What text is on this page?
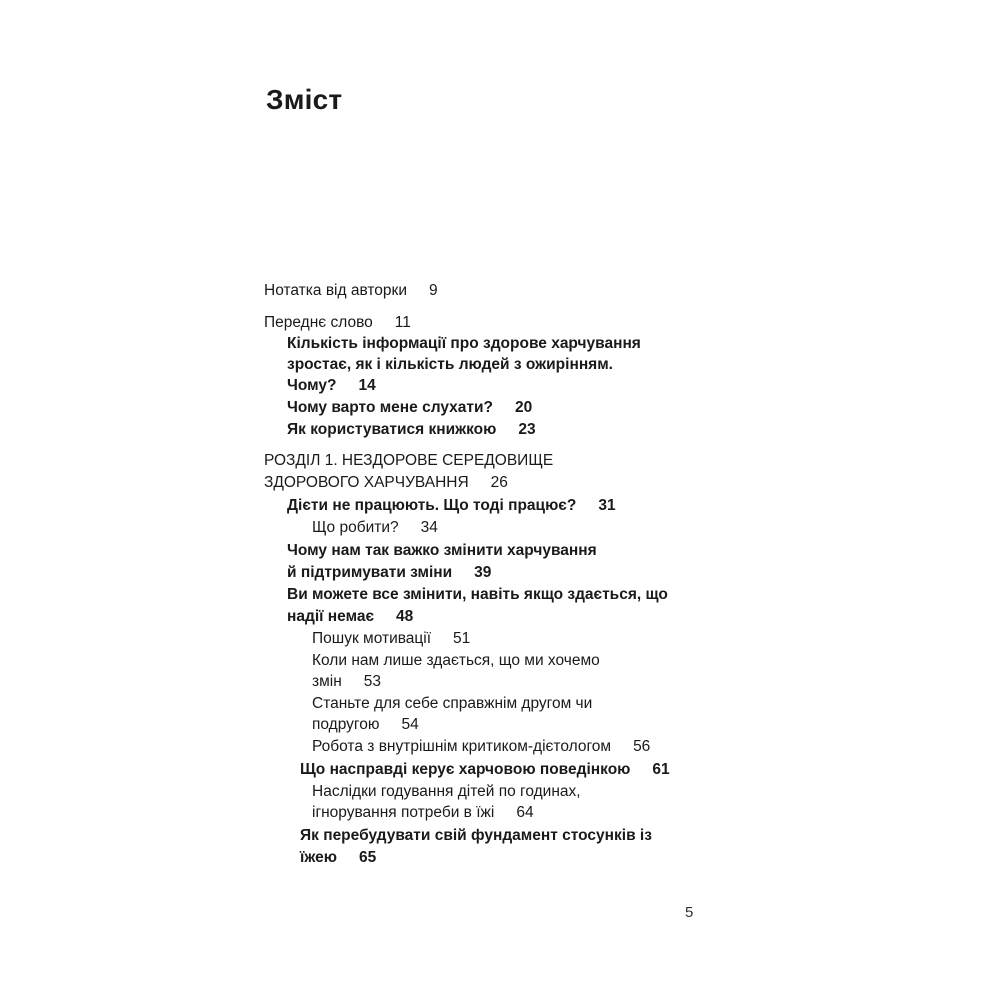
Зміст
Нотатка від авторки 9
Переднє слово 11
Кількість інформації про здорове харчування
зростає, як і кількість людей з ожирінням.
Чому? 14
Чому варто мене слухати? 20
Як користуватися книжкою 23
РОЗДІЛ 1. НЕЗДОРОВЕ СЕРЕДОВИЩЕ
ЗДОРОВОГО ХАРЧУВАННЯ 26
Дієти не працюють. Що тоді працює? 31
Що робити? 34
Чому нам так важко змінити харчування
й підтримувати зміни 39
Ви можете все змінити, навіть якщо здається, що
надії немає 48
Пошук мотивації 51
Коли нам лише здається, що ми хочемо
змін 53
Станьте для себе справжнім другом чи
подругою 54
Робота з внутрішнім критиком-дієтологом 56
Що насправді керує харчовою поведінкою 61
Наслідки годування дітей по годинах,
ігнорування потреби в їжі 64
Як перебудувати свій фундамент стосунків із
їжею 65
5
